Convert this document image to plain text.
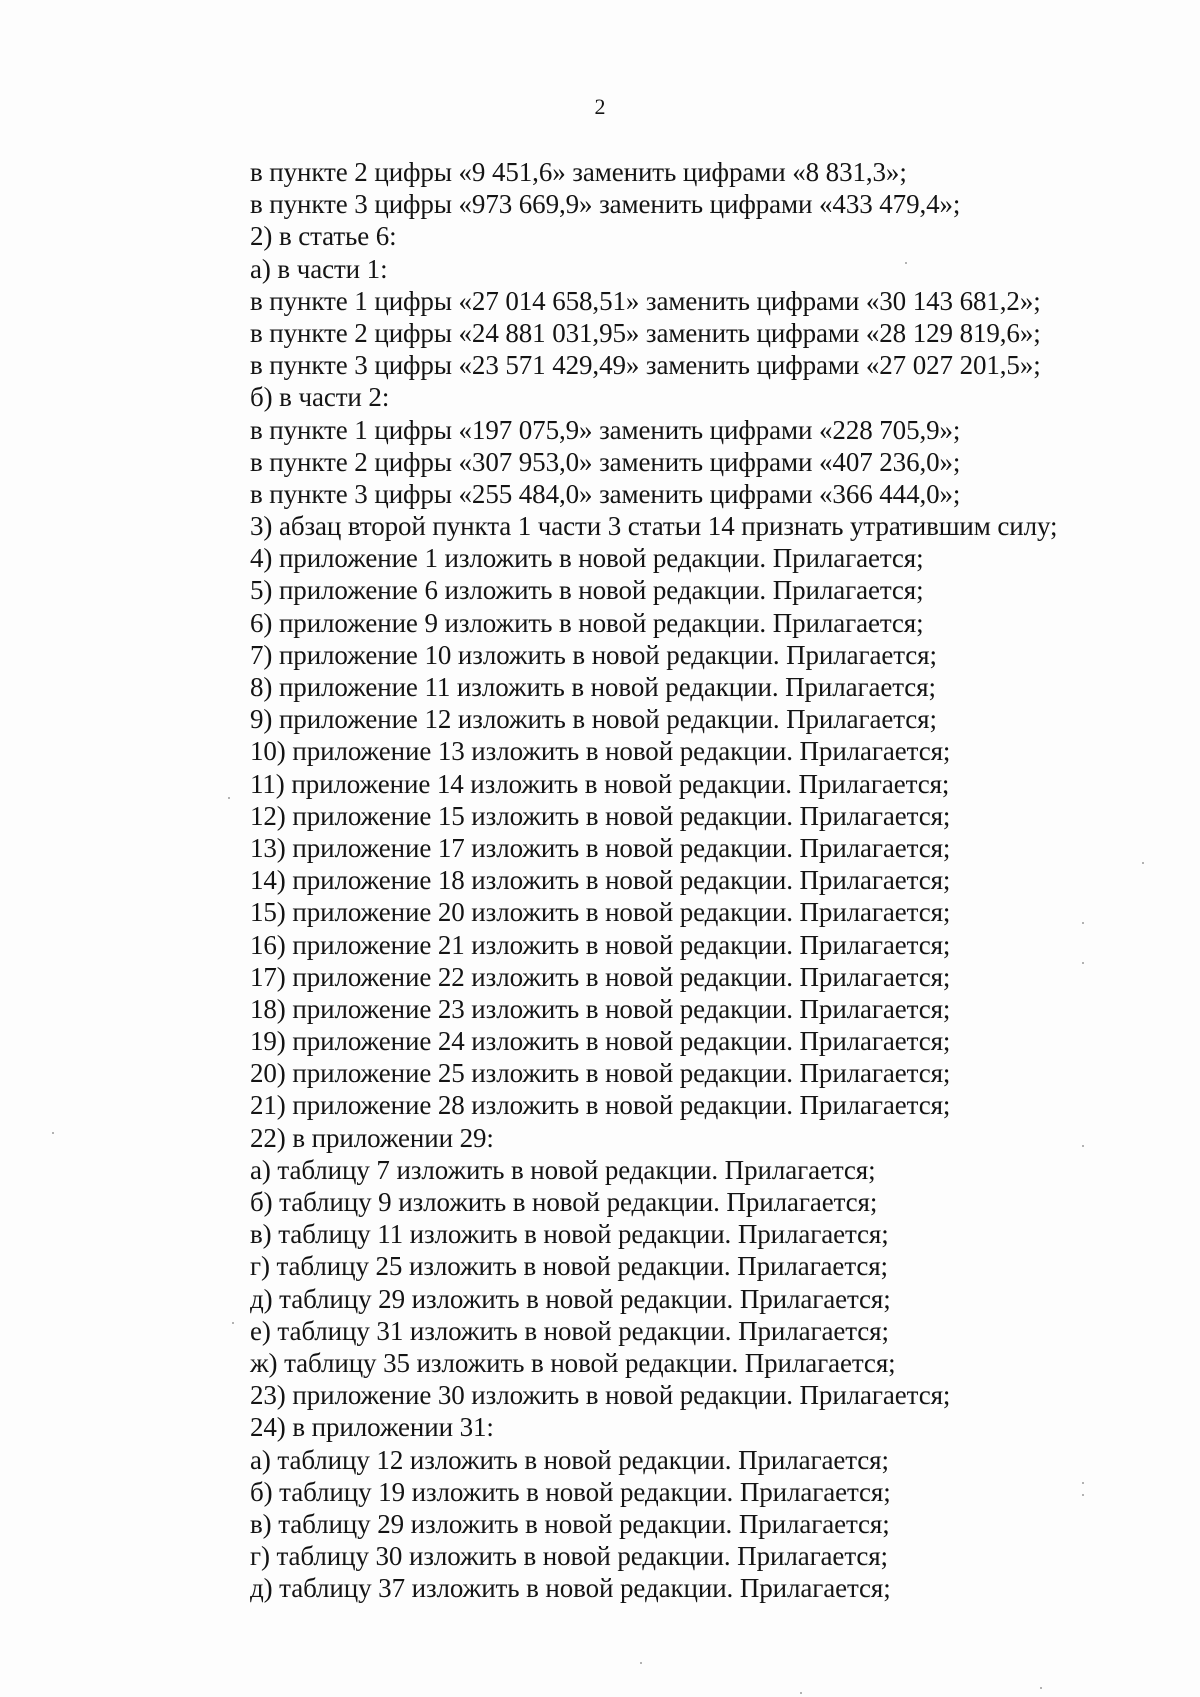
2
в пункте 2 цифры «9 451,6» заменить цифрами «8 831,3»;
в пункте 3 цифры «973 669,9» заменить цифрами «433 479,4»;
2) в статье 6:
а) в части 1:
в пункте 1 цифры «27 014 658,51» заменить цифрами «30 143 681,2»;
в пункте 2 цифры «24 881 031,95» заменить цифрами «28 129 819,6»;
в пункте 3 цифры «23 571 429,49» заменить цифрами «27 027 201,5»;
б) в части 2:
в пункте 1 цифры «197 075,9» заменить цифрами «228 705,9»;
в пункте 2 цифры «307 953,0» заменить цифрами «407 236,0»;
в пункте 3 цифры «255 484,0» заменить цифрами «366 444,0»;
3) абзац второй пункта 1 части 3 статьи 14 признать утратившим силу;
4) приложение 1 изложить в новой редакции. Прилагается;
5) приложение 6 изложить в новой редакции. Прилагается;
6) приложение 9 изложить в новой редакции. Прилагается;
7) приложение 10 изложить в новой редакции. Прилагается;
8) приложение 11 изложить в новой редакции. Прилагается;
9) приложение 12 изложить в новой редакции. Прилагается;
10) приложение 13 изложить в новой редакции. Прилагается;
11) приложение 14 изложить в новой редакции. Прилагается;
12) приложение 15 изложить в новой редакции. Прилагается;
13) приложение 17 изложить в новой редакции. Прилагается;
14) приложение 18 изложить в новой редакции. Прилагается;
15) приложение 20 изложить в новой редакции. Прилагается;
16) приложение 21 изложить в новой редакции. Прилагается;
17) приложение 22 изложить в новой редакции. Прилагается;
18) приложение 23 изложить в новой редакции. Прилагается;
19) приложение 24 изложить в новой редакции. Прилагается;
20) приложение 25 изложить в новой редакции. Прилагается;
21) приложение 28 изложить в новой редакции. Прилагается;
22) в приложении 29:
а) таблицу 7 изложить в новой редакции. Прилагается;
б) таблицу 9 изложить в новой редакции. Прилагается;
в) таблицу 11 изложить в новой редакции. Прилагается;
г) таблицу 25 изложить в новой редакции. Прилагается;
д) таблицу 29 изложить в новой редакции. Прилагается;
е) таблицу 31 изложить в новой редакции. Прилагается;
ж) таблицу 35 изложить в новой редакции. Прилагается;
23) приложение 30 изложить в новой редакции. Прилагается;
24) в приложении 31:
а) таблицу 12 изложить в новой редакции. Прилагается;
б) таблицу 19 изложить в новой редакции. Прилагается;
в) таблицу 29 изложить в новой редакции. Прилагается;
г) таблицу 30 изложить в новой редакции. Прилагается;
д) таблицу 37 изложить в новой редакции. Прилагается;
